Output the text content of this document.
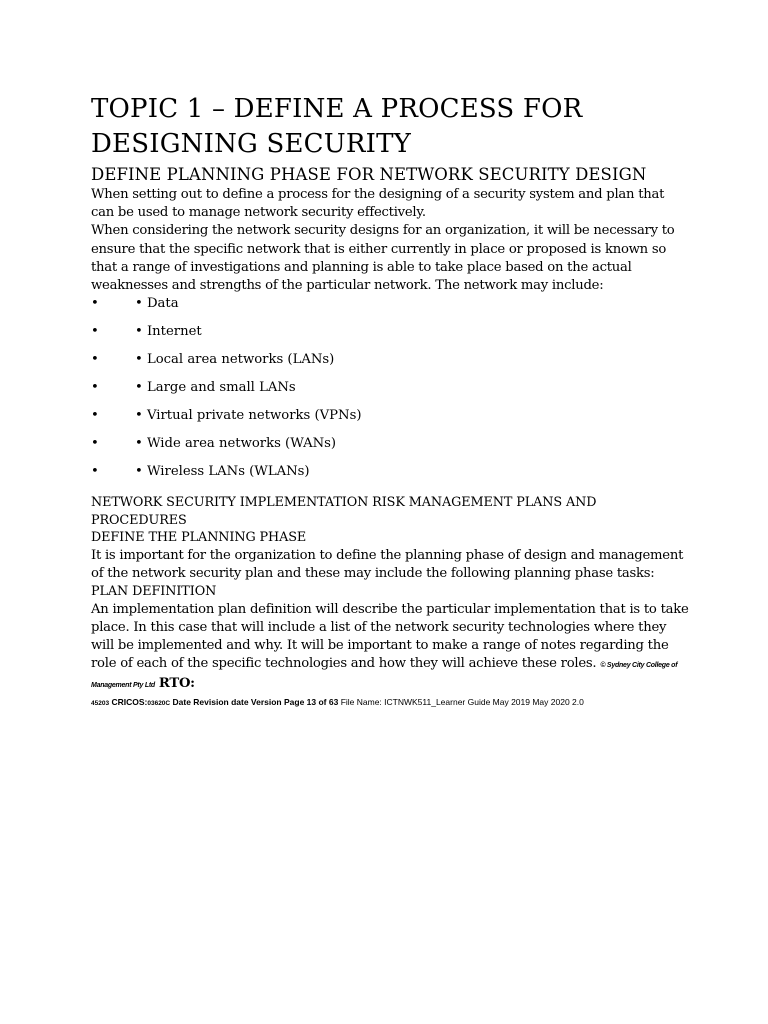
TOPIC 1 – DEFINE A PROCESS FOR DESIGNING SECURITY
DEFINE PLANNING PHASE FOR NETWORK SECURITY DESIGN

When setting out to define a process for the designing of a security system and plan that can be used to manage network security effectively.

When considering the network security designs for an organization, it will be necessary to ensure that the specific network that is either currently in place or proposed is known so that a range of investigations and planning is able to take place based on the actual weaknesses and strengths of the particular network. The network may include:

•	• Data
•	• Internet
•	• Local area networks (LANs)
•	• Large and small LANs
•	• Virtual private networks (VPNs)
•	• Wide area networks (WANs)
•	• Wireless LANs (WLANs)
NETWORK SECURITY IMPLEMENTATION RISK MANAGEMENT PLANS AND PROCEDURES
DEFINE THE PLANNING PHASE

It is important for the organization to define the planning phase of design and management of the network security plan and these may include the following planning phase tasks:

PLAN DEFINITION

An implementation plan definition will describe the particular implementation that is to take place. In this case that will include a list of the network security technologies where they will be implemented and why. It will be important to make a range of notes regarding the role of each of the specific technologies and how they will achieve these roles. © Sydney City College of Management Pty Ltd RTO:

45203 CRICOS:03620C Date Revision date Version Page 13 of 63 File Name: ICTNWK511_Learner Guide May 2019 May 2020 2.0
